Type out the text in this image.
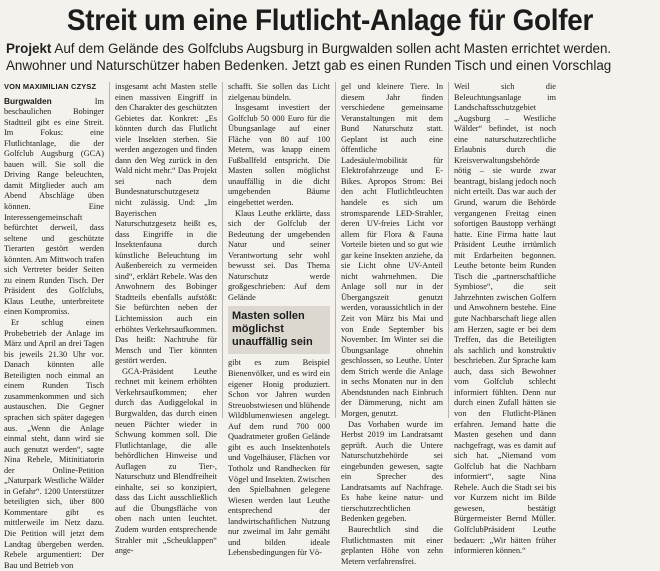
Streit um eine Flutlicht-Anlage für Golfer
Projekt Auf dem Gelände des Golfclubs Augsburg in Burgwalden sollen acht Masten errichtet werden. Anwohner und Naturschützer haben Bedenken. Jetzt gab es einen Runden Tisch und einen Vorschlag
VON MAXIMILIAN CZYSZ

Burgwalden Im beschaulichen Bobinger Stadtteil gibt es eine Streit. Im Fokus: eine Flutlichtanlage, die der Golfclub Augsburg (GCA) bauen will. Sie soll die Driving Range beleuchten, damit Mitglieder auch am Abend Abschläge üben können. Eine Interessengemeinschaft befürchtet derweil, dass seltene und geschützte Tierarten gestört werden könnten. Am Mittwoch trafen sich Vertreter beider Seiten zu einem Runden Tisch. Der Präsident des Golfclubs, Klaus Leuthe, unterbreitete einen Kompromiss.

Er schlug einen Probebetrieb der Anlage im März und April an drei Tagen bis jeweils 21.30 Uhr vor. Danach könnten alle Beteiligten noch einmal an einem Runden Tisch zusammenkommen und sich austauschen. Die Gegner sprachen sich später dagegen aus. „Wenn die Anlage einmal steht, dann wird sie auch genutzt werden“, sagte Nina Rebele, Mitinitiatorin der Online-Petition „Naturpark Westliche Wälder in Gefahr“. 1200 Unterstützer beteiligten sich, über 800 Kommentare gibt es mittlerweile im Netz dazu. Die Petition will jetzt dem Landtag übergeben werden. Rebele argumentiert: Der Bau und Betrieb von

insgesamt acht Masten stelle einen massiven Eingriff in den Charakter des geschützten Gebietes dar. Konkret: „Es könnten durch das Flutlicht viele Insekten sterben. Sie werden angezogen und finden dann den Weg zurück in den Wald nicht mehr.“ Das Projekt sei nach dem Bundesnaturschutzgesetz nicht zulässig. Und: „Im Bayerischen Naturschutzgesetz heißt es, dass Eingriffe in die Insektenfauna durch künstliche Beleuchtung im Außenbereich zu vermeiden sind“, erklärt Rebele. Was den Anwohnern des Bobinger Stadtteils ebenfalls aufstößt: Sie befürchten neben der Lichtemission auch ein erhöhtes Verkehrsaufkommen. Das heißt: Nachtruhe für Mensch und Tier könnten gestört werden.

GCA-Präsident Leuthe rechnet mit keinem erhöhten Verkehrsaufkommen; eher durch das Audiggelokal in Burgwalden, das durch einen neuen Pächter wieder in Schwung kommen soll. Die Flutlichtanlage, die alle behördlichen Hinweise und Auflagen zu Tier-, Naturschutz und Blendfreiheit einhalte, sei so konzipiert, dass das Licht ausschließlich auf die Übungsfläche von oben nach unten leuchtet. Zudem wurden entsprechende Strahler mit „Scheuklappen“ ange-

schafft. Sie sollen das Licht zielgenau bündeln.

Insgesamt investiert der Golfclub 50 000 Euro für die Übungsanlage auf einer Fläche von 80 auf 100 Metern, was knapp einem Fußballfeld entspricht. Die Masten sollen möglichst unauffällig in die dicht umgebenden Bäume eingebettet werden.

Klaus Leuthe erklärte, dass sich der Golfclub der Bedeutung der umgebenden Natur und seiner Verantwortung sehr wohl bewusst sei. Das Thema Naturschutz werde großgeschrieben: Auf dem Gelände

Masten sollen möglichst unauffällig sein

gibt es zum Beispiel Bienenvölker, und es wird ein eigener Honig produziert. Schon vor Jahren wurden Streuobstwiesen und blühende Wildblumenwiesen angelegt. Auf dem rund 700 000 Quadratmeter großen Gelände gibt es auch Insektenhotels und Vogelhäuser, Flächen vor Totholz und Randhecken für Vögel und Insekten. Zwischen den Spielbahnen gelegene Wiesen werden laut Leuthe entsprechend der landwirtschaftlichen Nutzung nur zweimal im Jahr gemäht und bilden ideale Lebensbedingungen für Vö-

gel und kleinere Tiere. In diesem Jahr finden verschiedene gemeinsame Veranstaltungen mit dem Bund Naturschutz statt. Geplant ist auch eine öffentliche Ladesäule/mobilität für Elektrofahrzeuge und E-Bikes. Apropos Strom: Bei den acht Flutlichtleuchten handele es sich um stromsparende LED-Strahler, deren UV-freies Licht vor allem für Flora & Fauna Vorteile bieten und so gut wie gar keine Insekten anziehe, da sie Licht ohne UV-Anteil nicht wahrnehmen. Die Anlage soll nur in der Übergangszeit genutzt werden, voraussichtlich in der Zeit von März bis Mai und von Ende September bis November. Im Winter sei die Übungsanlage ohnehin geschlossen, so Leuthe. Unter dem Strich werde die Anlage in sechs Monaten nur in den Abendstunden nach Einbruch der Dämmerung, nicht am Morgen, genutzt.

Das Vorhaben wurde im Herbst 2019 im Landratsamt geprüft. Auch die Untere Naturschutzbehörde sei eingebunden gewesen, sagte ein Sprecher des Landratsamts auf Nachfrage. Es habe keine natur- und tierschutzrechtlichen Bedenken gegeben.

Baurechtlich sind die Flutlichtmasten mit einer geplanten Höhe von zehn Metern verfahrensfrei.

Weil sich die Beleuchtungsanlage im Landschaftsschutzgebiet „Augsburg – Westliche Wälder“ befindet, ist noch eine naturschutzrechtliche Erlaubnis durch die Kreisverwaltungsbehörde nötig – sie wurde zwar beantragt, bislang jedoch noch nicht erteilt. Das war auch der Grund, warum die Behörde vergangenen Freitag einen sofortigen Baustopp verhängt hatte. Eine Firma hatte laut Präsident Leuthe irrtümlich mit Erdarbeiten begonnen. Leuthe betonte beim Runden Tisch die „partnerschaftliche Symbiose“, die seit Jahrzehnten zwischen Golfern und Anwohnern bestehe. Eine gute Nachbarschaft liege allen am Herzen, sagte er bei dem Treffen, das die Beteiligten als sachlich und konstruktiv beschrieben. Zur Sprache kam auch, dass sich Bewohner vom Golfclub schlecht informiert fühlten. Denn nur durch einen Zufall hätten sie von den Flutlicht-Plänen erfahren. Jemand hatte die Masten gesehen und dann nachgefragt, was es damit auf sich hat. „Niemand vom Golfclub hat die Nachbarn informiert“, sagte Nina Rebele. Auch die Stadt sei bis vor Kurzem nicht im Bilde gewesen, bestätigt Bürgermeister Bernd Müller. GolfclubPräsident Leuthe bedauert: „Wir hätten früher informieren können.“
